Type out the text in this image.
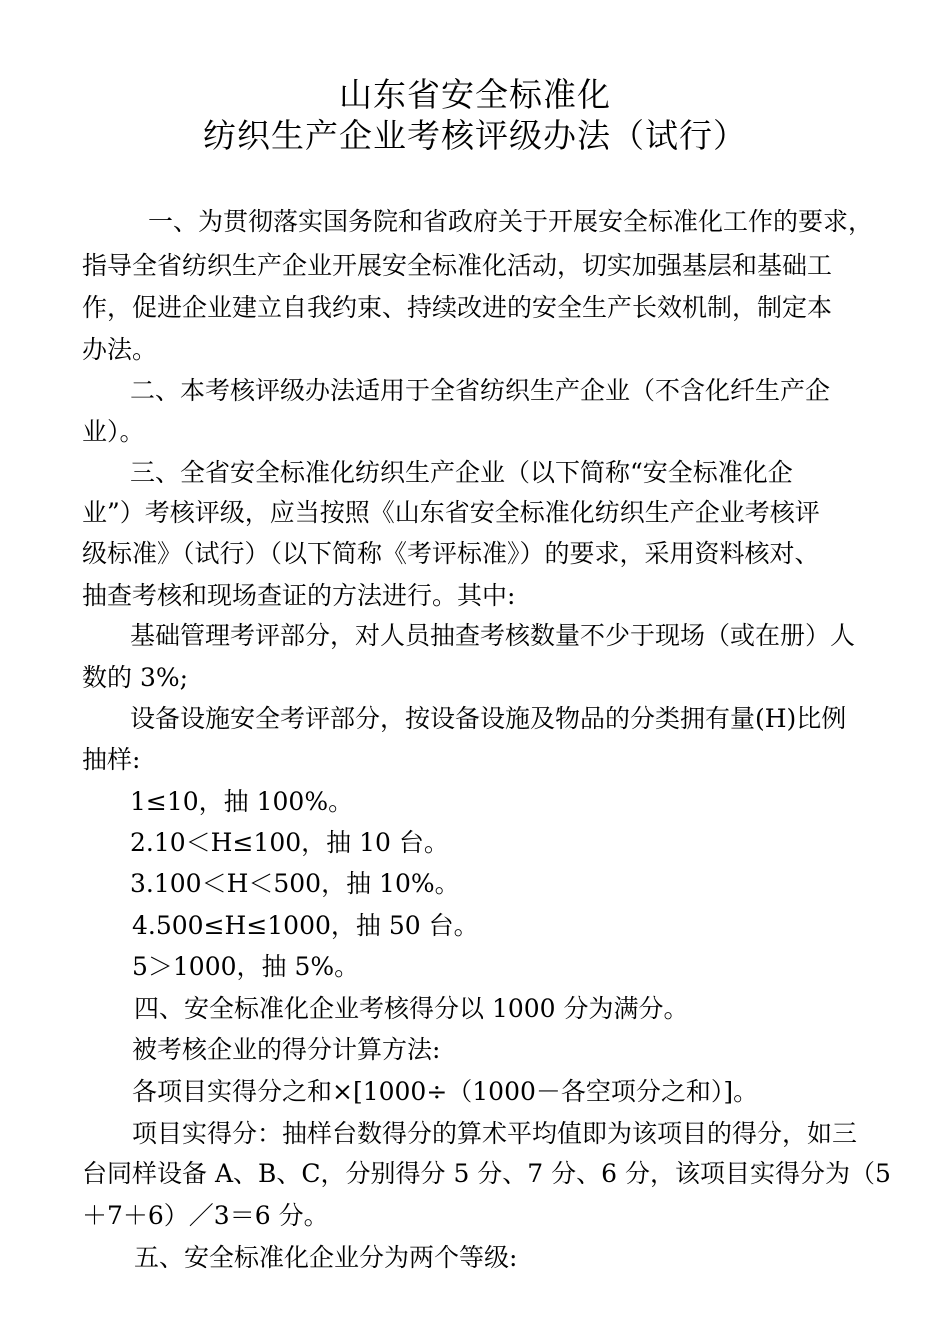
山东省安全标准化
纺织生产企业考核评级办法（试行）
一、为贯彻落实国务院和省政府关于开展安全标准化工作的要求，
指导全省纺织生产企业开展安全标准化活动，切实加强基层和基础工
作，促进企业建立自我约束、持续改进的安全生产长效机制，制定本
办法。
二、本考核评级办法适用于全省纺织生产企业（不含化纤生产企
业）。
三、全省安全标准化纺织生产企业（以下简称“安全标准化企
业”）考核评级，应当按照《山东省安全标准化纺织生产企业考核评
级标准》（试行）（以下简称《考评标准》）的要求，采用资料核对、
抽查考核和现场查证的方法进行。其中:
基础管理考评部分，对人员抽查考核数量不少于现场（或在册）人
数的 3%;
设备设施安全考评部分，按设备设施及物品的分类拥有量(H)比例
抽样:
1≤10，抽 100%。
2.10＜H≤100，抽 10 台。
3.100＜H＜500，抽 10%。
4.500≤H≤1000，抽 50 台。
5＞1000，抽 5%。
四、安全标准化企业考核得分以 1000 分为满分。
被考核企业的得分计算方法:
各项目实得分之和×[1000÷（1000－各空项分之和）]。
项目实得分：抽样台数得分的算术平均值即为该项目的得分，如三
台同样设备 A、B、C，分别得分 5 分、7 分、6 分，该项目实得分为（5
＋7＋6）／3＝6 分。
五、安全标准化企业分为两个等级:
